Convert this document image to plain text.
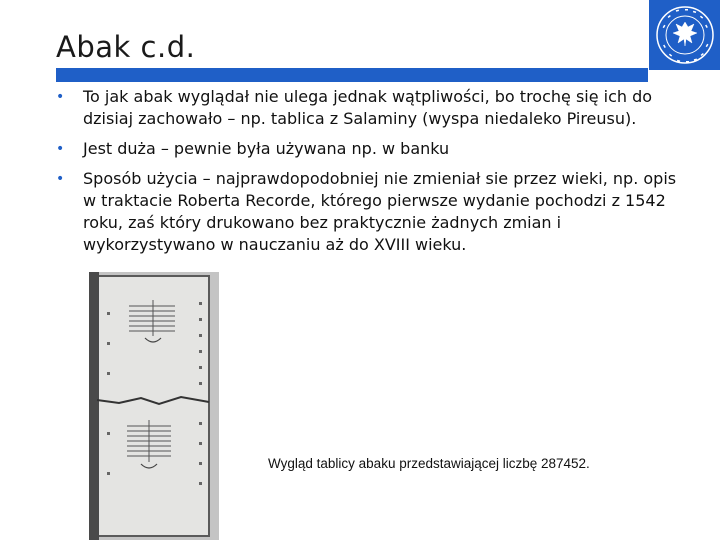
Abak c.d.
• To jak abak wyglądał nie ulega jednak wątpliwości, bo trochę się ich do dzisiaj zachowało – np. tablica z Salaminy (wyspa niedaleko Pireusu).
• Jest duża – pewnie była używana np. w banku
• Sposób użycia – najprawdopodobniej nie zmieniał sie przez wieki, np. opis w traktacie Roberta Recorde, którego pierwsze wydanie pochodzi z 1542 roku, zaś który drukowano bez praktycznie żadnych zmian i wykorzystywano w nauczaniu aż do XVIII wieku.
Wygląd tablicy abaku przedstawiającej liczbę 287452.
